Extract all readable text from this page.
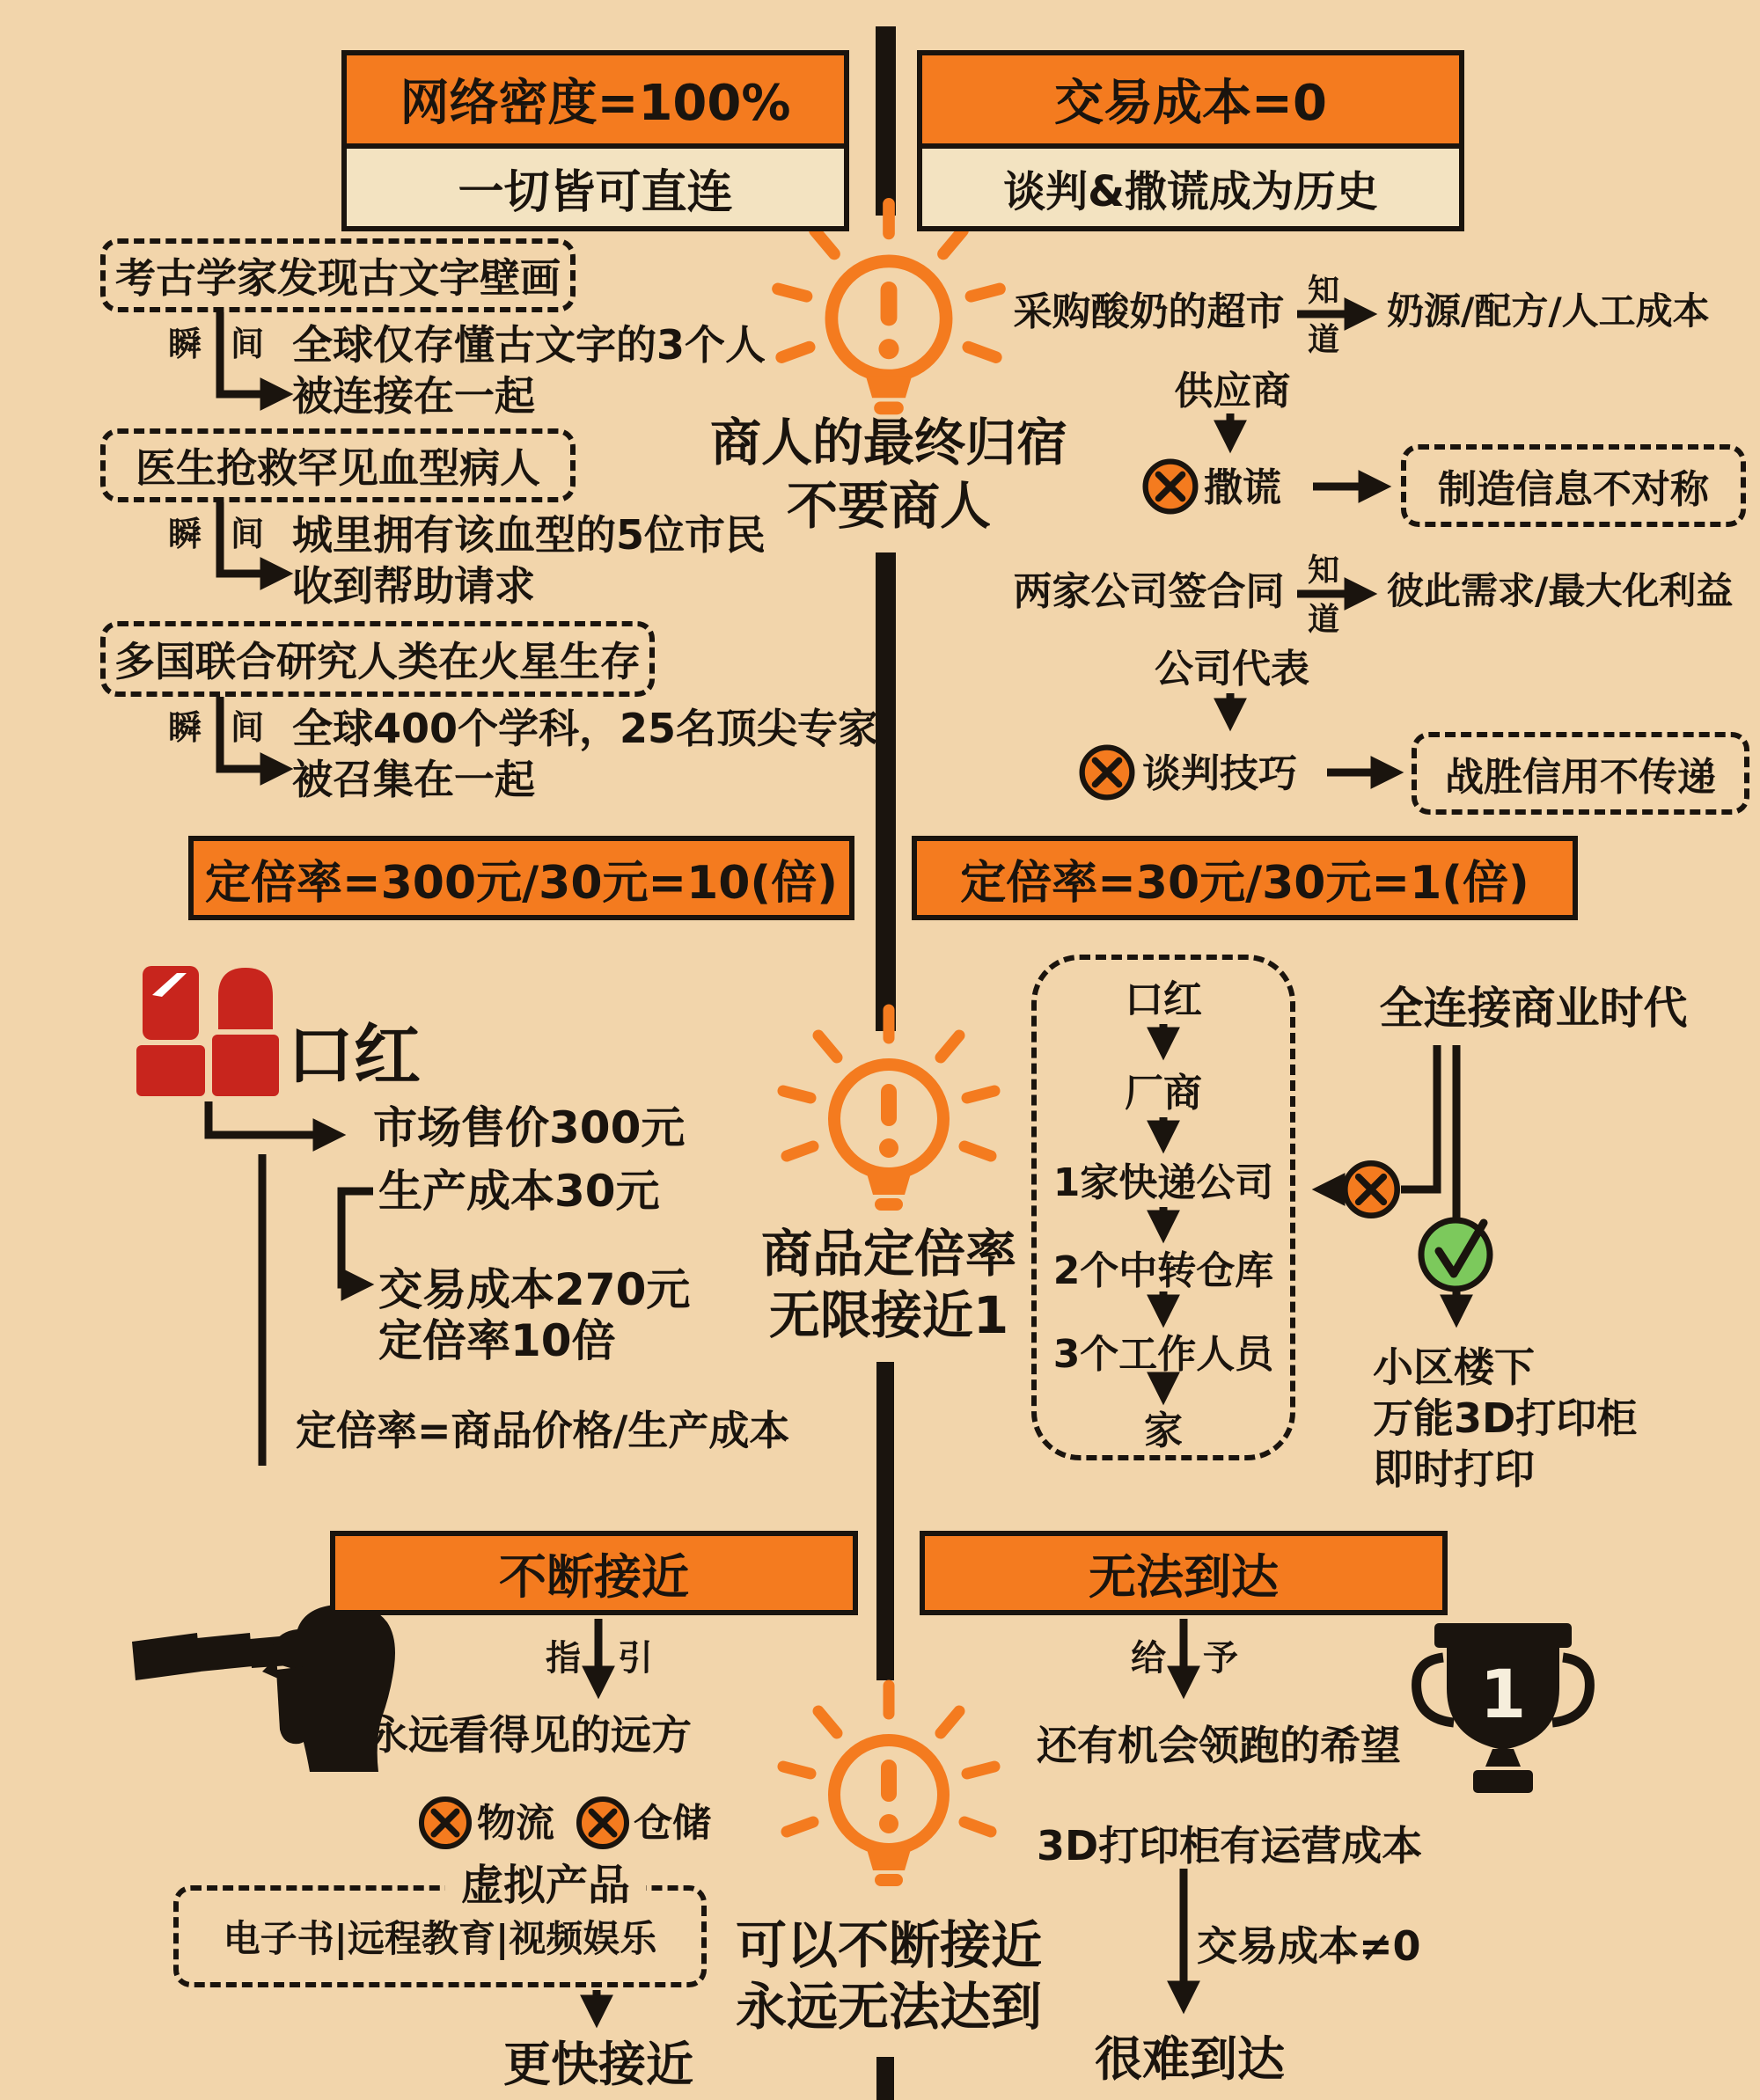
网络密度=100%
一切皆可直连
交易成本=0
谈判&撒谎成为历史
考古学家发现古文字壁画
瞬 间 全球仅存懂古文字的3个人
被连接在一起
医生抢救罕见血型病人
瞬 间 城里拥有该血型的5位市民
收到帮助请求
多国联合研究人类在火星生存
瞬 间 全球400个学科，25名顶尖专家
被召集在一起
商人的最终归宿
不要商人
采购酸奶的超市 知
道
奶源/配方/人工成本
供应商
撒谎	制造信息不对称
两家公司签合同 知
道
彼此需求/最大化利益
公司代表
谈判技巧	战胜信用不传递
定倍率=300元/30元=10(倍)	定倍率=30元/30元=1(倍)
口红
市场售价300元
生产成本30元
交易成本270元
定倍率10倍
定倍率=商品价格/生产成本
商品定倍率
无限接近1
口红
厂商
1家快递公司
2个中转仓库
3个工作人员
家
全连接商业时代
小区楼下
万能3D打印柜
即时打印
不断接近	无法到达
指 引
永远看得见的远方
物流 仓储
虚拟产品
电子书|远程教育|视频娱乐
更快接近
可以不断接近
永远无法达到
给 予
还有机会领跑的希望
1
3D打印柜有运营成本
交易成本≠0
很难到达
